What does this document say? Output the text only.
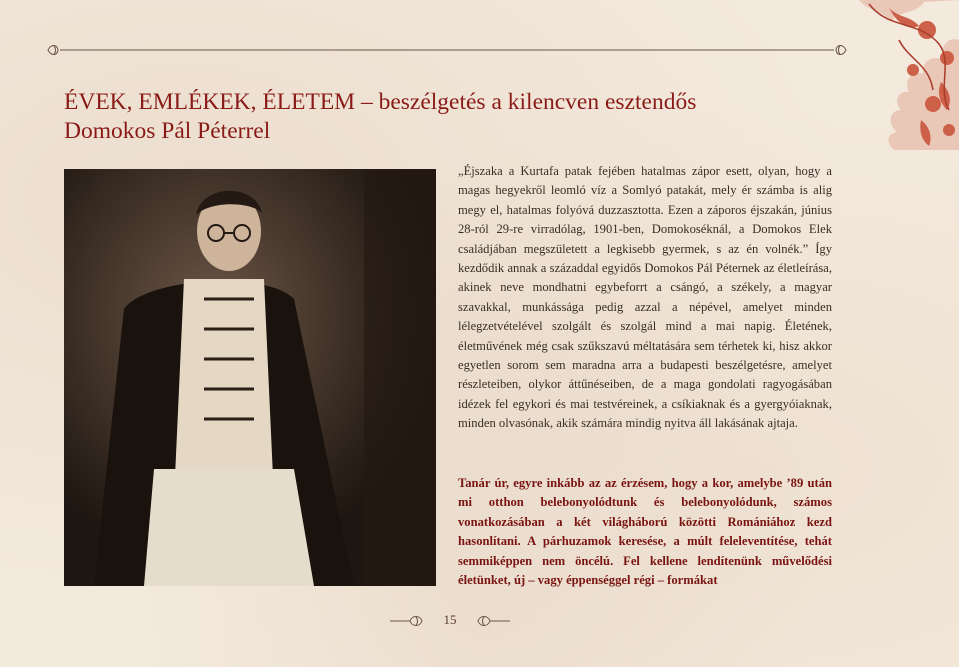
ÉVEK, EMLÉKEK, ÉLETEM – beszélgetés a kilencven esztendős
Domokos Pál Péterrel

„Éjszaka a Kurtafa patak fejében hatalmas zápor esett, olyan, hogy a magas hegyekről leomló víz a Somlyó patakát, mely ér számba is alig megy el, hatalmas folyóvá duzzasztotta. Ezen a záporos éjszakán, június 28-ról 29-re virradólag, 1901-ben, Domokoséknál, a Domokos Elek családjában megszületett a legkisebb gyermek, s az én volnék.” Így kezdődik annak a századdal egyidős Domokos Pál Péternek az életleírása, akinek neve mondhatni egybeforrt a csángó, a székely, a magyar szavakkal, munkássága pedig azzal a népével, amelyet minden lélegzetvételével szolgált és szolgál mind a mai napig. Életének, életművének még csak szűkszavú méltatására sem térhetek ki, hisz akkor egyetlen sorom sem maradna arra a budapesti beszélgetésre, amelyet részleteiben, olykor áttűnéseiben, de a maga gondolati ragyogásában idézek fel egykori és mai testvéreinek, a csíkiaknak és a gyergyóiaknak, minden olvasónak, akik számára mindig nyitva áll lakásának ajtaja.

Tanár úr, egyre inkább az az érzésem, hogy a kor, amelybe ’89 után mi otthon belebonyolódtunk és belebonyolódunk, számos vonatkozásában a két világháború közötti Romániához kezd hasonlítani. A párhuzamok keresése, a múlt feleleventítése, tehát semmiképpen nem öncélú. Fel kellene lendítenünk művelődési életünket, új – vagy éppenséggel régi – formákat

15
